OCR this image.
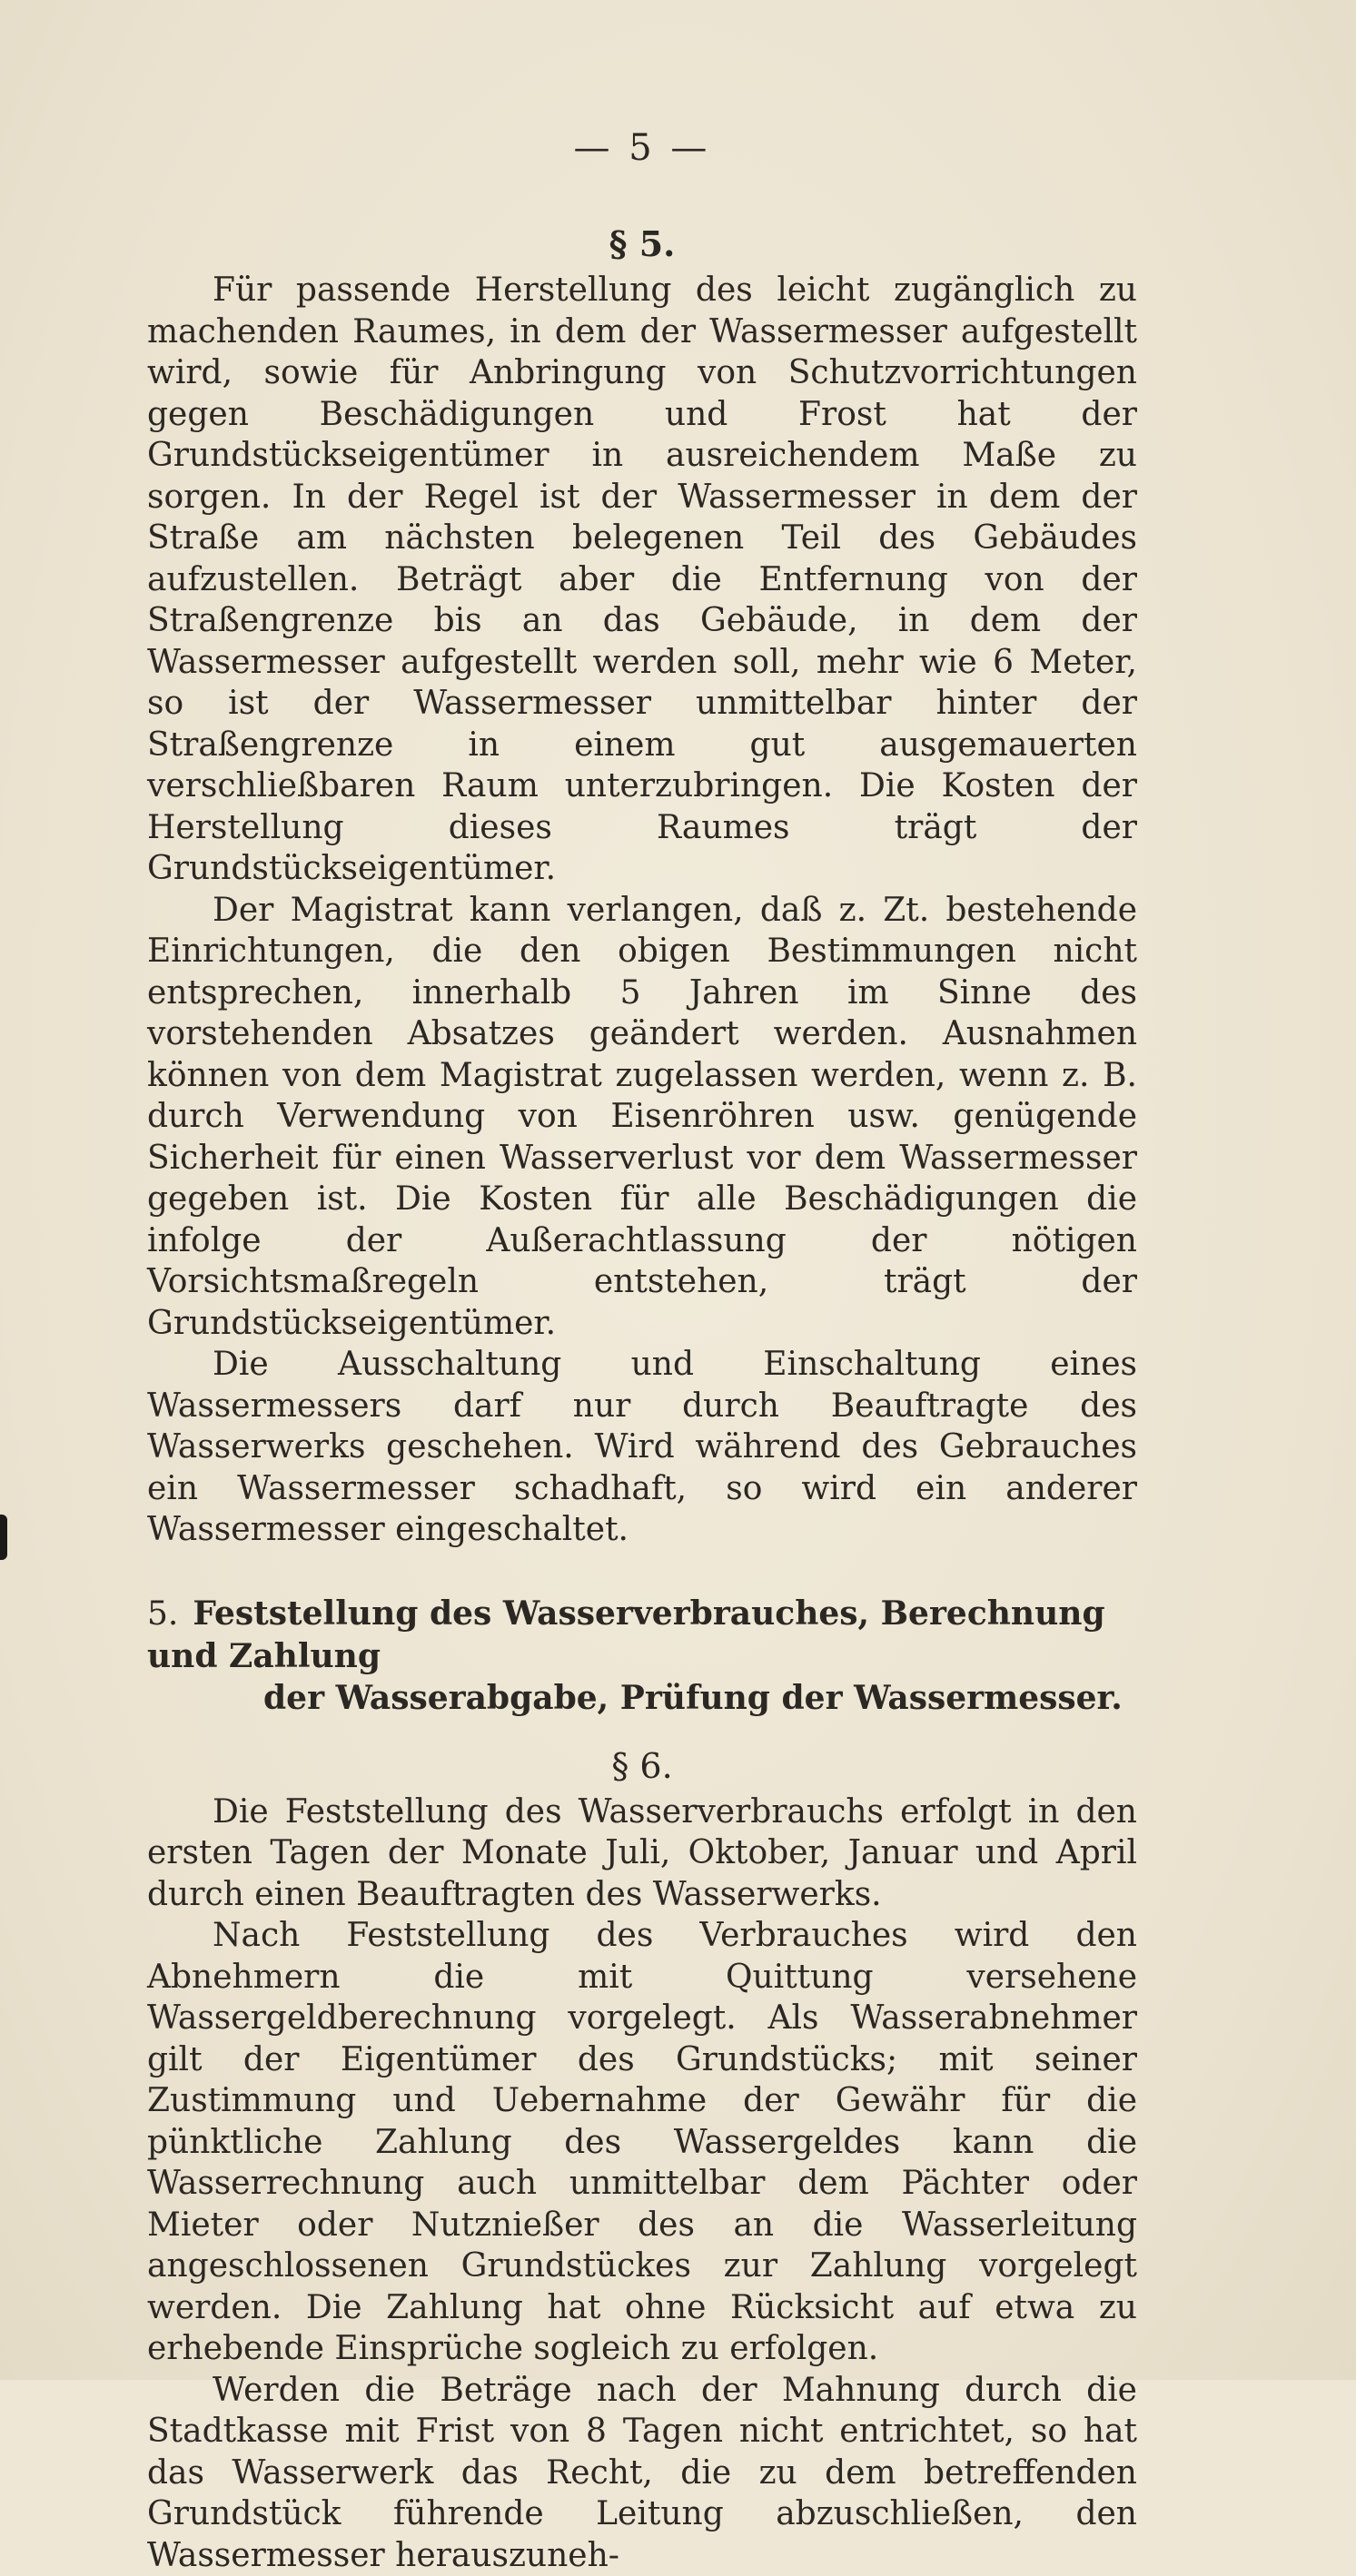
— 5 —
§ 5.

Für passende Herstellung des leicht zugänglich zu machenden Raumes, in dem der Wassermesser aufgestellt wird, sowie für Anbringung von Schutzvorrichtungen gegen Beschädigungen und Frost hat der Grundstückseigentümer in ausreichendem Maße zu sorgen. In der Regel ist der Wassermesser in dem der Straße am nächsten belegenen Teil des Gebäudes aufzustellen. Beträgt aber die Entfernung von der Straßengrenze bis an das Gebäude, in dem der Wassermesser aufgestellt werden soll, mehr wie 6 Meter, so ist der Wassermesser unmittelbar hinter der Straßengrenze in einem gut ausgemauerten verschließbaren Raum unterzubringen. Die Kosten der Herstellung dieses Raumes trägt der Grundstückseigentümer.

Der Magistrat kann verlangen, daß z. Zt. bestehende Einrichtungen, die den obigen Bestimmungen nicht entsprechen, innerhalb 5 Jahren im Sinne des vorstehenden Absatzes geändert werden. Ausnahmen können von dem Magistrat zugelassen werden, wenn z. B. durch Verwendung von Eisenröhren usw. genügende Sicherheit für einen Wasserverlust vor dem Wassermesser gegeben ist. Die Kosten für alle Beschädigungen die infolge der Außerachtlassung der nötigen Vorsichtsmaßregeln entstehen, trägt der Grundstückseigentümer.

Die Ausschaltung und Einschaltung eines Wassermessers darf nur durch Beauftragte des Wasserwerks geschehen. Wird während des Gebrauches ein Wassermesser schadhaft, so wird ein anderer Wassermesser eingeschaltet.

5. Feststellung des Wasserverbrauches, Berechnung und Zahlung
der Wasserabgabe, Prüfung der Wassermesser.
§ 6.

Die Feststellung des Wasserverbrauchs erfolgt in den ersten Tagen der Monate Juli, Oktober, Januar und April durch einen Beauftragten des Wasserwerks.

Nach Feststellung des Verbrauches wird den Abnehmern die mit Quittung versehene Wassergeldberechnung vorgelegt. Als Wasserabnehmer gilt der Eigentümer des Grundstücks; mit seiner Zustimmung und Uebernahme der Gewähr für die pünktliche Zahlung des Wassergeldes kann die Wasserrechnung auch unmittelbar dem Pächter oder Mieter oder Nutznießer des an die Wasserleitung angeschlossenen Grundstückes zur Zahlung vorgelegt werden. Die Zahlung hat ohne Rücksicht auf etwa zu erhebende Einsprüche sogleich zu erfolgen.

Werden die Beträge nach der Mahnung durch die Stadtkasse mit Frist von 8 Tagen nicht entrichtet, so hat das Wasserwerk das Recht, die zu dem betreffenden Grundstück führende Leitung abzuschließen, den Wassermesser herauszuneh-
